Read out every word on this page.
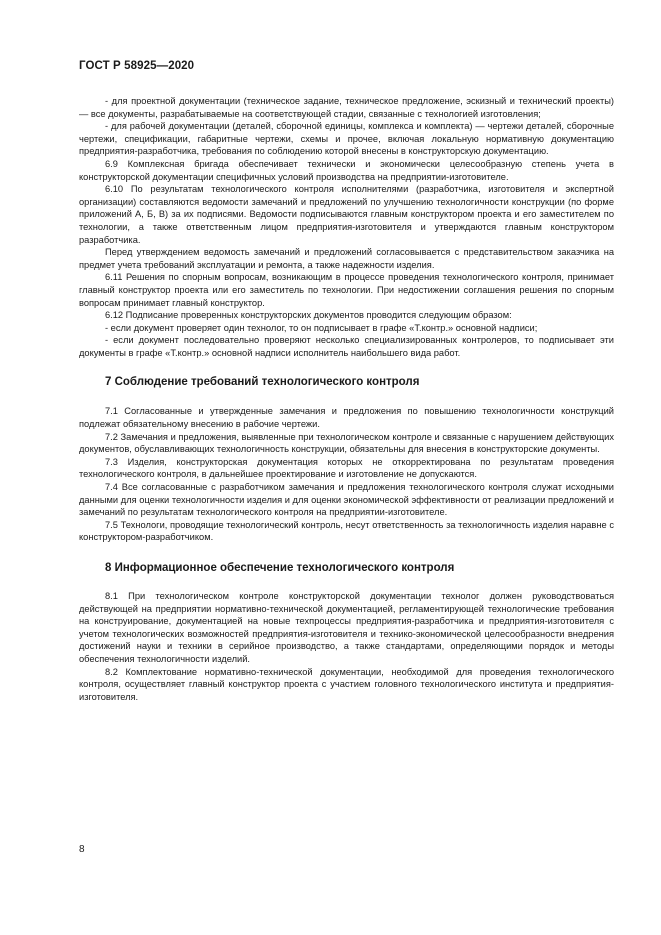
ГОСТ Р 58925—2020

- для проектной документации (техническое задание, техническое предложение, эскизный и технический проекты) — все документы, разрабатываемые на соответствующей стадии, связанные с технологией изготовления;

- для рабочей документации (деталей, сборочной единицы, комплекса и комплекта) — чертежи деталей, сборочные чертежи, спецификации, габаритные чертежи, схемы и прочее, включая локальную нормативную документацию предприятия-разработчика, требования по соблюдению которой внесены в конструкторскую документацию.

6.9 Комплексная бригада обеспечивает технически и экономически целесообразную степень учета в конструкторской документации специфичных условий производства на предприятии-изготовителе.

6.10 По результатам технологического контроля исполнителями (разработчика, изготовителя и экспертной организации) составляются ведомости замечаний и предложений по улучшению технологичности конструкции (по форме приложений А, Б, В) за их подписями. Ведомости подписываются главным конструктором проекта и его заместителем по технологии, а также ответственным лицом предприятия-изготовителя и утверждаются главным конструктором разработчика.

Перед утверждением ведомость замечаний и предложений согласовывается с представительством заказчика на предмет учета требований эксплуатации и ремонта, а также надежности изделия.

6.11 Решения по спорным вопросам, возникающим в процессе проведения технологического контроля, принимает главный конструктор проекта или его заместитель по технологии. При недостижении соглашения решения по спорным вопросам принимает главный конструктор.

6.12 Подписание проверенных конструкторских документов проводится следующим образом:

- если документ проверяет один технолог, то он подписывает в графе «Т.контр.» основной надписи;

- если документ последовательно проверяют несколько специализированных контролеров, то подписывает эти документы в графе «Т.контр.» основной надписи исполнитель наибольшего вида работ.

7 Соблюдение требований технологического контроля

7.1 Согласованные и утвержденные замечания и предложения по повышению технологичности конструкций подлежат обязательному внесению в рабочие чертежи.

7.2 Замечания и предложения, выявленные при технологическом контроле и связанные с нарушением действующих документов, обуславливающих технологичность конструкции, обязательны для внесения в конструкторские документы.

7.3 Изделия, конструкторская документация которых не откорректирована по результатам проведения технологического контроля, в дальнейшее проектирование и изготовление не допускаются.

7.4 Все согласованные с разработчиком замечания и предложения технологического контроля служат исходными данными для оценки технологичности изделия и для оценки экономической эффективности от реализации предложений и замечаний по результатам технологического контроля на предприятии-изготовителе.

7.5 Технологи, проводящие технологический контроль, несут ответственность за технологичность изделия наравне с конструктором-разработчиком.

8 Информационное обеспечение технологического контроля

8.1 При технологическом контроле конструкторской документации технолог должен руководствоваться действующей на предприятии нормативно-технической документацией, регламентирующей технологические требования на конструирование, документацией на новые техпроцессы предприятия-разработчика и предприятия-изготовителя с учетом технологических возможностей предприятия-изготовителя и технико-экономической целесообразности внедрения достижений науки и техники в серийное производство, а также стандартами, определяющими порядок и методы обеспечения технологичности изделий.

8.2 Комплектование нормативно-технической документации, необходимой для проведения технологического контроля, осуществляет главный конструктор проекта с участием головного технологического института и предприятия-изготовителя.

8
